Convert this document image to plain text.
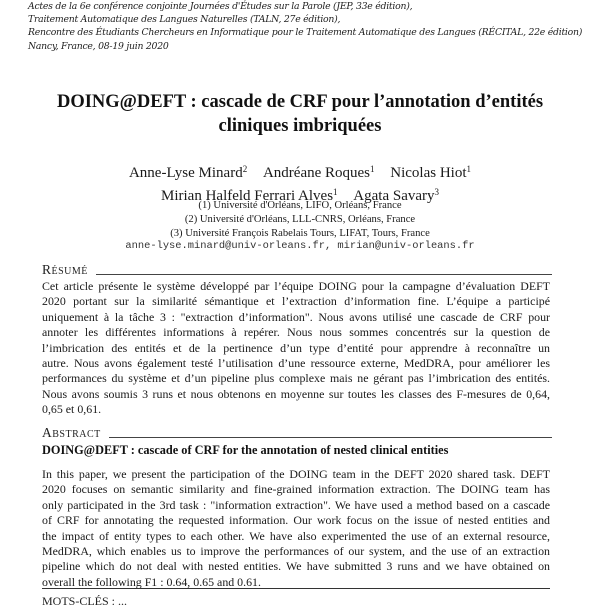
Actes de la 6e conférence conjointe Journées d'Études sur la Parole (JEP, 33e édition),
Traitement Automatique des Langues Naturelles (TALN, 27e édition),
Rencontre des Étudiants Chercheurs en Informatique pour le Traitement Automatique des Langues (RÉCITAL, 22e édition)
Nancy, France, 08-19 juin 2020
DOING@DEFT : cascade de CRF pour l’annotation d’entités
cliniques imbriquées
Anne-Lyse Minard$^2$ Andréane Roques$^1$ Nicolas Hiot$^1$
Mirian Halfeld Ferrari Alves$^1$ Agata Savary$^3$
(1) Université d'Orléans, LIFO, Orléans, France
(2) Université d'Orléans, LLL-CNRS, Orléans, France
(3) Université François Rabelais Tours, LIFAT, Tours, France
anne-lyse.minard@univ-orleans.fr, mirian@univ-orleans.fr
RÉSUMÉ
Cet article présente le système développé par l’équipe DOING pour la campagne d’évaluation DEFT
2020 portant sur la similarité sémantique et l’extraction d’information fine. L’équipe a participé
uniquement à la tâche 3 : "extraction d’information". Nous avons utilisé une cascade de CRF pour
annoter les différentes informations à repérer. Nous nous sommes concentrés sur la question de
l’imbrication des entités et de la pertinence d’un type d’entité pour apprendre à reconnaître un
autre. Nous avons également testé l’utilisation d’une ressource externe, MedDRA, pour améliorer les
performances du système et d’un pipeline plus complexe mais ne gérant pas l’imbrication des entités.
Nous avons soumis 3 runs et nous obtenons en moyenne sur toutes les classes des F-mesures de 0,64,
0,65 et 0,61.
ABSTRACT
DOING@DEFT : cascade of CRF for the annotation of nested clinical entities
In this paper, we present the participation of the DOING team in the DEFT 2020 shared task. DEFT
2020 focuses on semantic similarity and fine-grained information extraction. The DOING team has
only participated in the 3rd task : "information extraction". We have used a method based on a cascade
of CRF for annotating the requested information. Our work focus on the issue of nested entities and
the impact of entity types to each other. We have also experimented the use of an external resource,
MedDRA, which enables us to improve the performances of our system, and the use of an extraction
pipeline which do not deal with nested entities. We have submitted 3 runs and we have obtained on
overall the following F1 : 0.64, 0.65 and 0.61.
MOTS-CLÉS : ...
